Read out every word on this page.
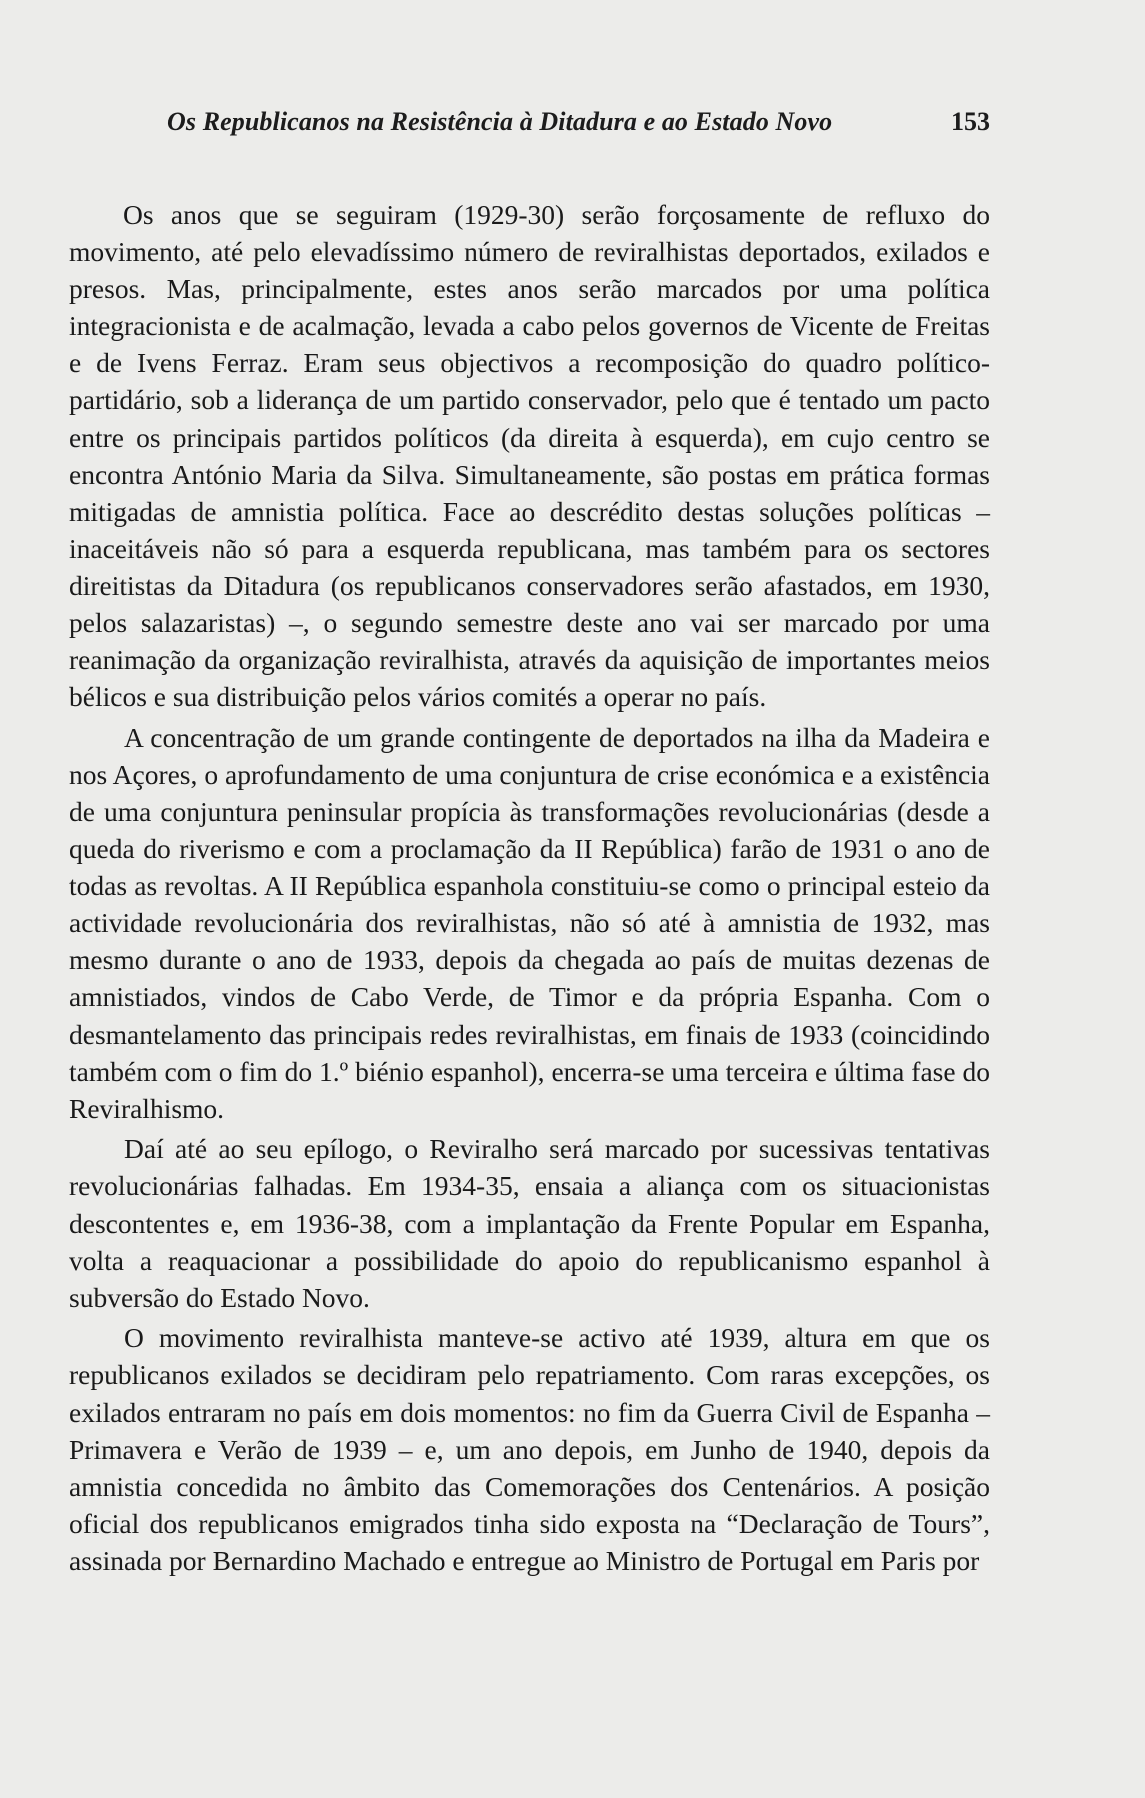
Os Republicanos na Resistência à Ditadura e ao Estado Novo	153

Os anos que se seguiram (1929-30) serão forçosamente de refluxo do movimento, até pelo elevadíssimo número de reviralhistas deportados, exilados e presos. Mas, principalmente, estes anos serão marcados por uma política integracionista e de acalmação, levada a cabo pelos governos de Vicente de Freitas e de Ivens Ferraz. Eram seus objectivos a recomposição do quadro político-partidário, sob a liderança de um partido conservador, pelo que é tentado um pacto entre os principais partidos políticos (da direita à esquerda), em cujo centro se encontra António Maria da Silva. Simultaneamente, são postas em prática formas mitigadas de amnistia política. Face ao descrédito destas soluções políticas – inaceitáveis não só para a esquerda republicana, mas também para os sectores direitistas da Ditadura (os republicanos conservadores serão afastados, em 1930, pelos salazaristas) –, o segundo semestre deste ano vai ser marcado por uma reanimação da organização reviralhista, através da aquisição de importantes meios bélicos e sua distribuição pelos vários comités a operar no país.

A concentração de um grande contingente de deportados na ilha da Madeira e nos Açores, o aprofundamento de uma conjuntura de crise económica e a existência de uma conjuntura peninsular propícia às transformações revolucionárias (desde a queda do riverismo e com a proclamação da II República) farão de 1931 o ano de todas as revoltas. A II República espanhola constituiu-se como o principal esteio da actividade revolucionária dos reviralhistas, não só até à amnistia de 1932, mas mesmo durante o ano de 1933, depois da chegada ao país de muitas dezenas de amnistiados, vindos de Cabo Verde, de Timor e da própria Espanha. Com o desmantelamento das principais redes reviralhistas, em finais de 1933 (coincidindo também com o fim do 1.º biénio espanhol), encerra-se uma terceira e última fase do Reviralhismo.

Daí até ao seu epílogo, o Reviralho será marcado por sucessivas tentativas revolucionárias falhadas. Em 1934-35, ensaia a aliança com os situacionistas descontentes e, em 1936-38, com a implantação da Frente Popular em Espanha, volta a reaquacionar a possibilidade do apoio do republicanismo espanhol à subversão do Estado Novo.

O movimento reviralhista manteve-se activo até 1939, altura em que os republicanos exilados se decidiram pelo repatriamento. Com raras excepções, os exilados entraram no país em dois momentos: no fim da Guerra Civil de Espanha – Primavera e Verão de 1939 – e, um ano depois, em Junho de 1940, depois da amnistia concedida no âmbito das Comemorações dos Centenários. A posição oficial dos republicanos emigrados tinha sido exposta na “Declaração de Tours”, assinada por Bernardino Machado e entregue ao Ministro de Portugal em Paris por
